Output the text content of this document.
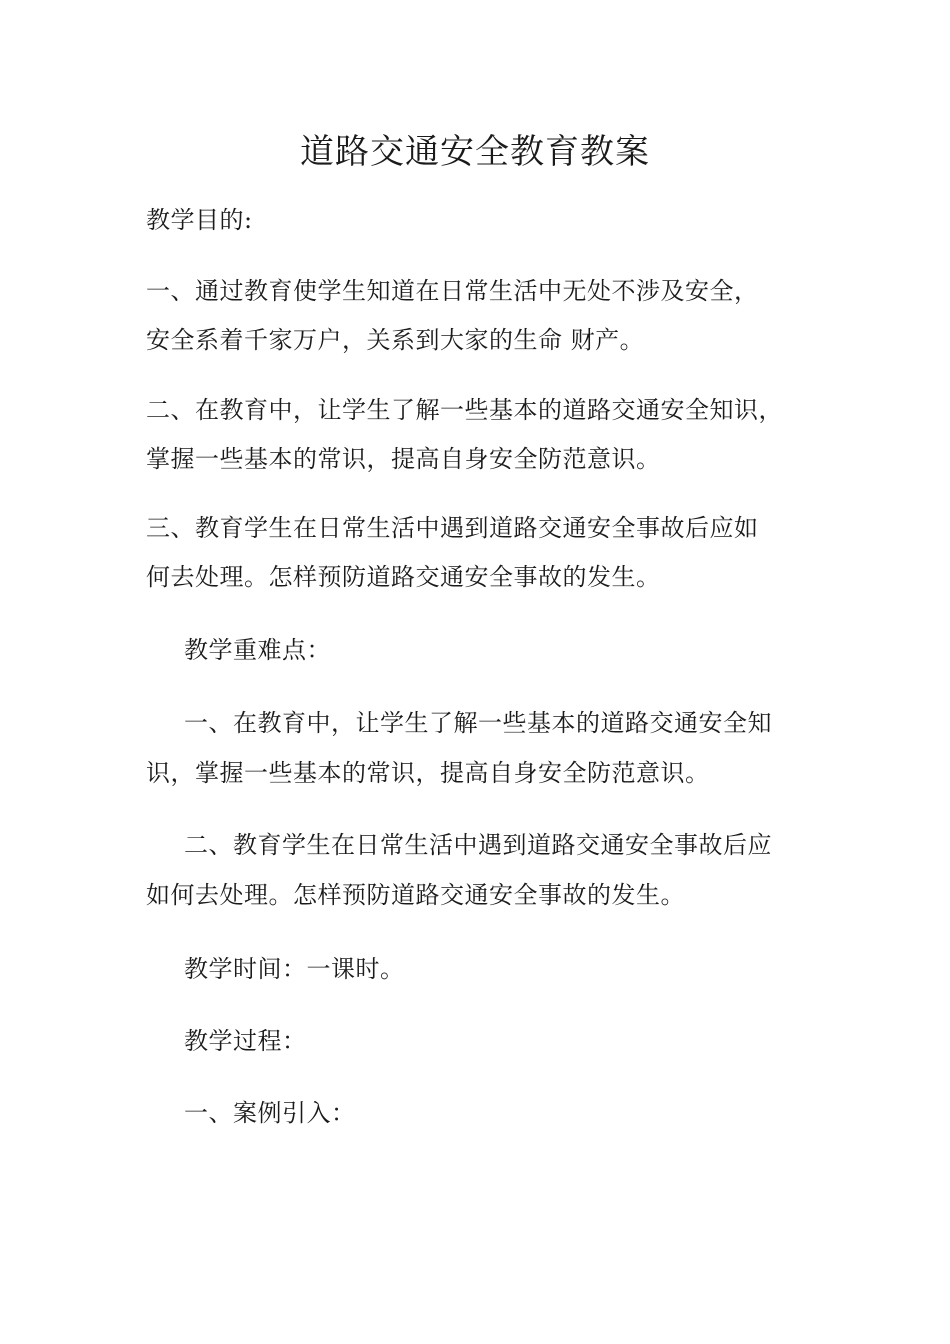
道路交通安全教育教案
教学目的:
一、通过教育使学生知道在日常生活中无处不涉及安全，
安全系着千家万户，关系到大家的生命 财产。
二、在教育中，让学生了解一些基本的道路交通安全知识，
掌握一些基本的常识，提高自身安全防范意识。
三、教育学生在日常生活中遇到道路交通安全事故后应如
何去处理。怎样预防道路交通安全事故的发生。
教学重难点：
一、在教育中，让学生了解一些基本的道路交通安全知
识，掌握一些基本的常识，提高自身安全防范意识。
二、教育学生在日常生活中遇到道路交通安全事故后应
如何去处理。怎样预防道路交通安全事故的发生。
教学时间：一课时。
教学过程：
一、案例引入：
